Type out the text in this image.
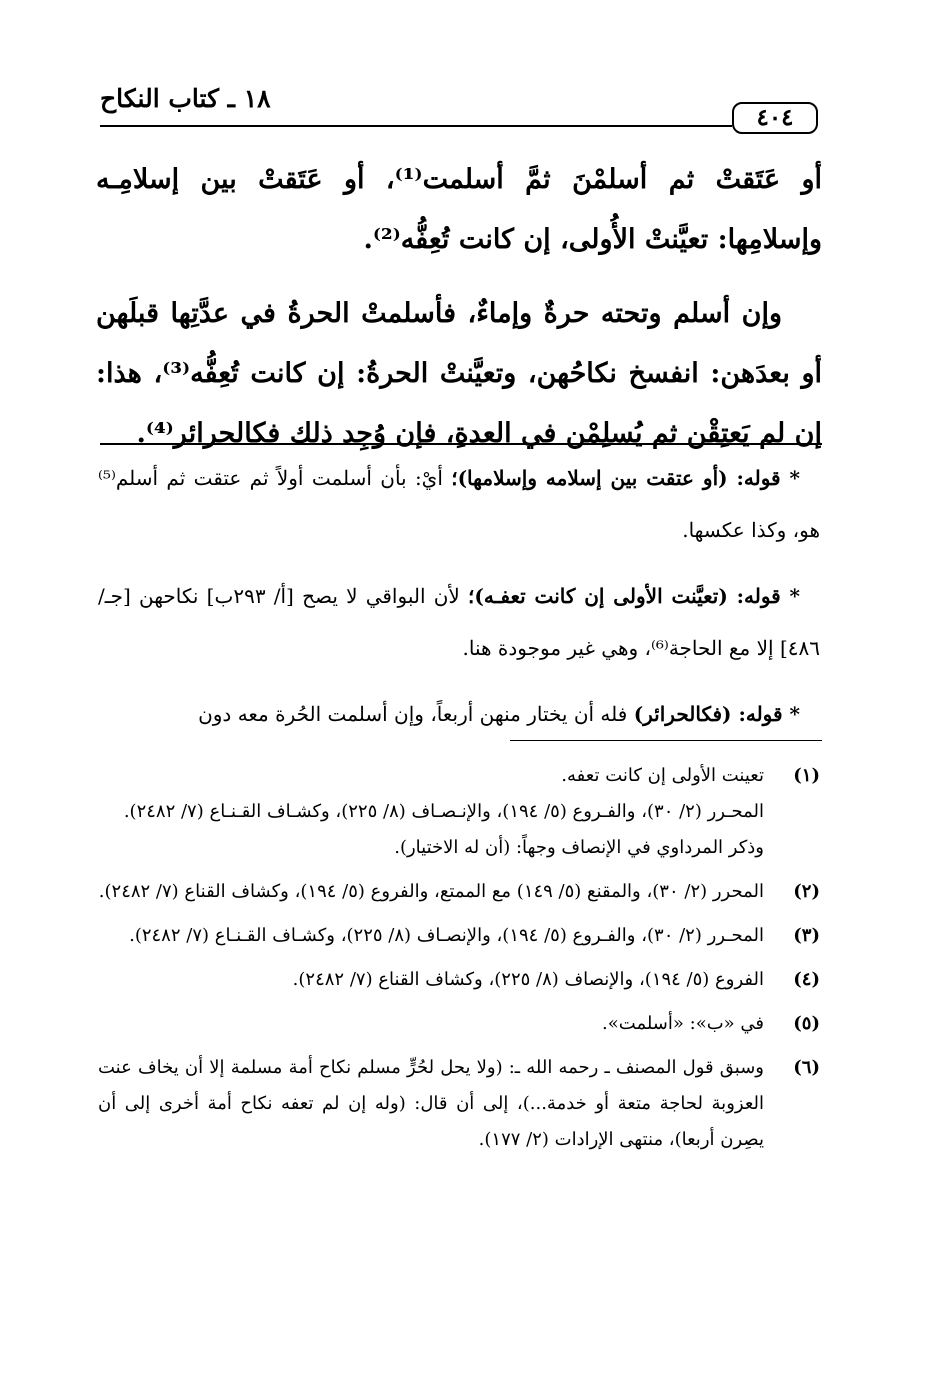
١٨ ـ كتاب النكاح
٤٠٤

أو عَتَقتْ ثم أسلمْنَ ثمَّ أسلمت⁽¹⁾، أو عَتَقتْ بين إسلامِـه وإسلامِها: تعيَّنتْ الأُولى، إن كانت تُعِفُّه⁽²⁾.

وإن أسلم وتحته حرةٌ وإماءٌ، فأسلمتْ الحرةُ في عدَّتِها قبلَهن أو بعدَهن: انفسخ نكاحُهن، وتعيَّنتْ الحرةُ: إن كانت تُعِفُّه⁽³⁾، هذا: إن لم يَعتِقْن ثم يُسلِمْن في العدةِ، فإن وُجِد ذلك فكالحرائر⁽⁴⁾.

* قوله: (أو عتقت بين إسلامه وإسلامها)؛ أيْ: بأن أسلمت أولاً ثم عتقت ثم أسلم⁽⁵⁾ هو، وكذا عكسها.

* قوله: (تعيَّنت الأولى إن كانت تعفـه)؛ لأن البواقي لا يصح [أ/ ٢٩٣ب] نكاحهن [جـ/ ٤٨٦] إلا مع الحاجة⁽⁶⁾، وهي غير موجودة هنا.

* قوله: (فكالحرائر) فله أن يختار منهن أربعاً، وإن أسلمت الحُرة معه دون

(١)

تعينت الأولى إن كانت تعفه.

المحـرر (٢/ ٣٠)، والفـروع (٥/ ١٩٤)، والإنـصـاف (٨/ ٢٢٥)، وكشـاف القـنـاع (٧/ ٢٤٨٢).

وذكر المرداوي في الإنصاف وجهاً: (أن له الاختيار).

(٢)

المحرر (٢/ ٣٠)، والمقنع (٥/ ١٤٩) مع الممتع، والفروع (٥/ ١٩٤)، وكشاف القناع (٧/ ٢٤٨٢).

(٣)

المحـرر (٢/ ٣٠)، والفـروع (٥/ ١٩٤)، والإنصـاف (٨/ ٢٢٥)، وكشـاف القـنـاع (٧/ ٢٤٨٢).

(٤)

الفروع (٥/ ١٩٤)، والإنصاف (٨/ ٢٢٥)، وكشاف القناع (٧/ ٢٤٨٢).

(٥)

في «ب»: «أسلمت».

(٦)

وسبق قول المصنف ـ رحمه الله ـ: (ولا يحل لحُرٍّ مسلم نكاح أمة مسلمة إلا أن يخاف عنت العزوبة لحاجة متعة أو خدمة...)، إلى أن قال: (وله إن لم تعفه نكاح أمة أخرى إلى أن يصِرن أربعا)، منتهى الإرادات (٢/ ١٧٧).
